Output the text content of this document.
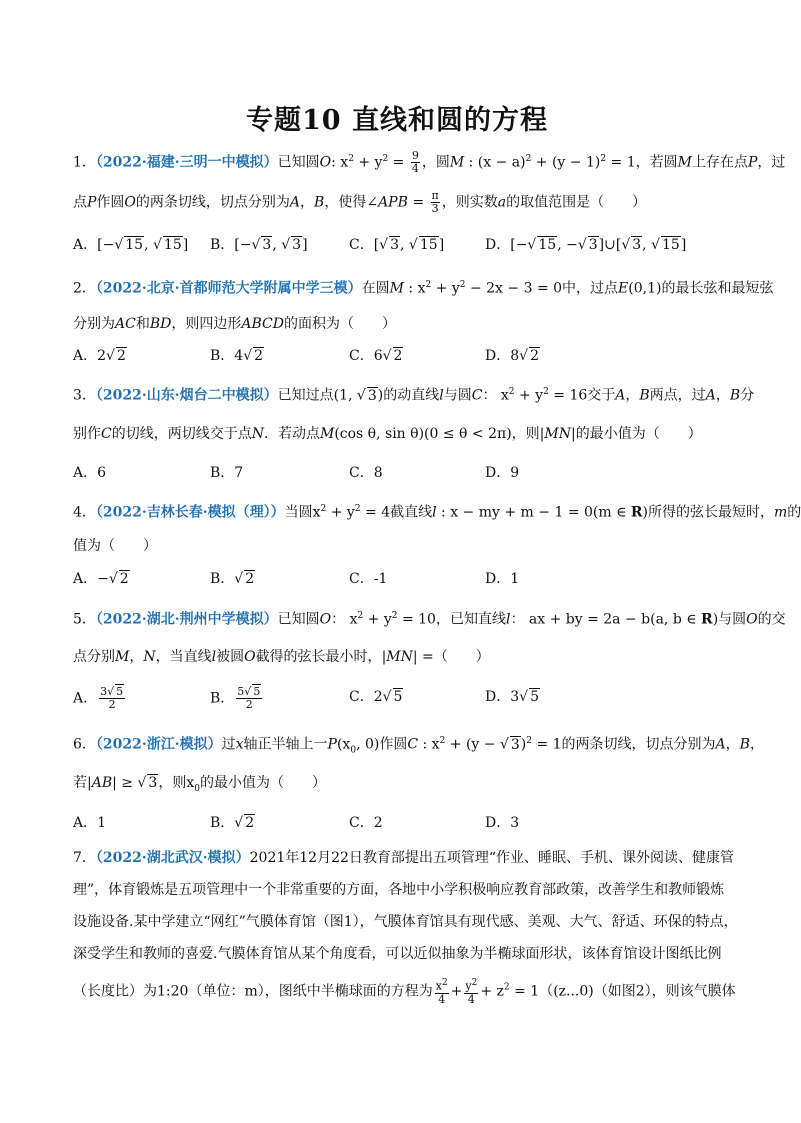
专题10 直线和圆的方程
1．（2022·福建·三明一中模拟）已知圆O: $x^2 + y^2 = \frac{9}{4}$ ，圆M : $(x - a)^2 + (y - 1)^2 = 1$，若圆M上存在点P，过
点P作圆O的两条切线，切点分别为A，B，使得∠APB = $\frac{\pi}{3}$ ，则实数a的取值范围是（　　）
A．[−√ 15, √ 15] B．[−√ 3, √ 3]	C．[√ 3, √ 15]	D．[−√ 15, −√ 3]∪[√ 3, √ 15]
2．（2022·北京·首都师范大学附属中学三模）在圆M : $x^2 + y^2 - 2x - 3 = 0$中，过点E(0,1)的最长弦和最短弦
分别为AC和BD，则四边形ABCD的面积为（　　）
A．2√ 2	B．4√ 2	C．6√ 2	D．8√ 2
3．（2022·山东·烟台二中模拟）已知过点(1, √ 3)的动直线l与圆C： $x^2 + y^2 = 16$交于A，B两点，过A，B分
别作C的切线，两切线交于点N．若动点M(cos θ, sin θ)(0 ≤ θ < 2π)，则|MN|的最小值为（　　）
A．6	B．7	C．8	D．9
4．（2022·吉林长春·模拟（理））当圆$x^2 + y^2 = 4$截直线l : x − my + m − 1 = 0(m ∈ R)所得的弦长最短时，m的
值为（　　）
A．−√ 2	B．√ 2	C．-1	D．1
5．（2022·湖北·荆州中学模拟）已知圆O： $x^2 + y^2 = 10$，已知直线l： ax + by = 2a − b(a, b ∈ R)与圆O的交
点分别M，N，当直线l被圆O截得的弦长最小时，|MN| =（　　）
A． $\frac{3√ 5}{2}$	B． $\frac{5√ 5}{2}$	C．2√ 5	D．3√ 5
6．（2022·浙江·模拟）过x轴正半轴上一$P(x_0$, 0)作圆C : $x^2 + (y$ − √ 3)$^2$ = 1的两条切线，切点分别为A，B，
若|AB| ≥ √ 3，则$x_0$的最小值为（　　）
A．1	B．√ 2	C．2	D．3
7．（2022·湖北武汉·模拟）2021年12月22日教育部提出五项管理“作业、睡眠、手机、课外阅读、健康管
理”，体育锻炼是五项管理中一个非常重要的方面，各地中小学积极响应教育部政策，改善学生和教师锻炼
设施设备.某中学建立“网红”气膜体育馆（图1），气膜体育馆具有现代感、美观、大气、舒适、环保的特点，
深受学生和教师的喜爱.气膜体育馆从某个角度看，可以近似抽象为半椭球面形状，该体育馆设计图纸比例
（长度比）为1:20（单位：m），图纸中半椭球面的方程为 $\frac{x^2}{4} + \frac{y^2}{4} + z^2 = 1((z...0)$（如图2），则该气膜体
